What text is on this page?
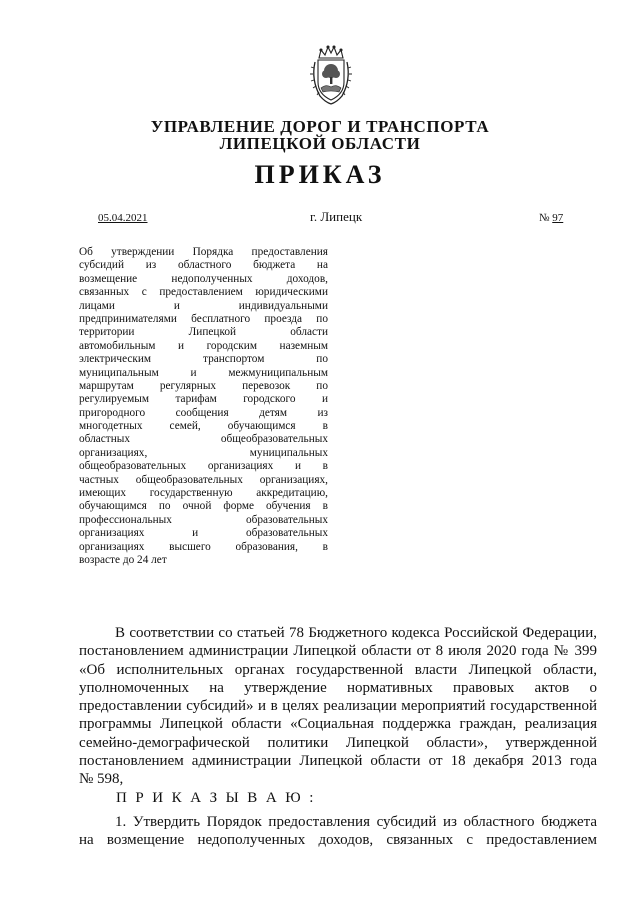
УПРАВЛЕНИЕ ДОРОГ И ТРАНСПОРТА
ЛИПЕЦКОЙ ОБЛАСТИ
ПРИКАЗ
05.04.2021	г. Липецк	№ 97
Об утверждении Порядка предоставления
субсидий из областного бюджета на
возмещение недополученных доходов,
связанных с предоставлением юридическими
лицами и индивидуальными
предпринимателями бесплатного проезда по
территории Липецкой области
автомобильным и городским наземным
электрическим транспортом по
муниципальным и межмуниципальным
маршрутам регулярных перевозок по
регулируемым тарифам городского и
пригородного сообщения детям из
многодетных семей, обучающимся в
областных общеобразовательных
организациях, муниципальных
общеобразовательных организациях и в
частных общеобразовательных организациях,
имеющих государственную аккредитацию,
обучающимся по очной форме обучения в
профессиональных образовательных
организациях и образовательных
организациях высшего образования, в
возрасте до 24 лет
В соответствии со статьей 78 Бюджетного кодекса Российской Федерации,
постановлением администрации Липецкой области от 8 июля 2020 года № 399
«Об исполнительных органах государственной власти Липецкой области,
уполномоченных на утверждение нормативных правовых актов о
предоставлении субсидий» и в целях реализации мероприятий государственной
программы Липецкой области «Социальная поддержка граждан, реализация
семейно-демографической политики Липецкой области», утвержденной
постановлением администрации Липецкой области от 18 декабря 2013 года
№ 598,
П Р И К А З Ы В А Ю :
1. Утвердить Порядок предоставления субсидий из областного бюджета
на возмещение недополученных доходов, связанных с предоставлением
